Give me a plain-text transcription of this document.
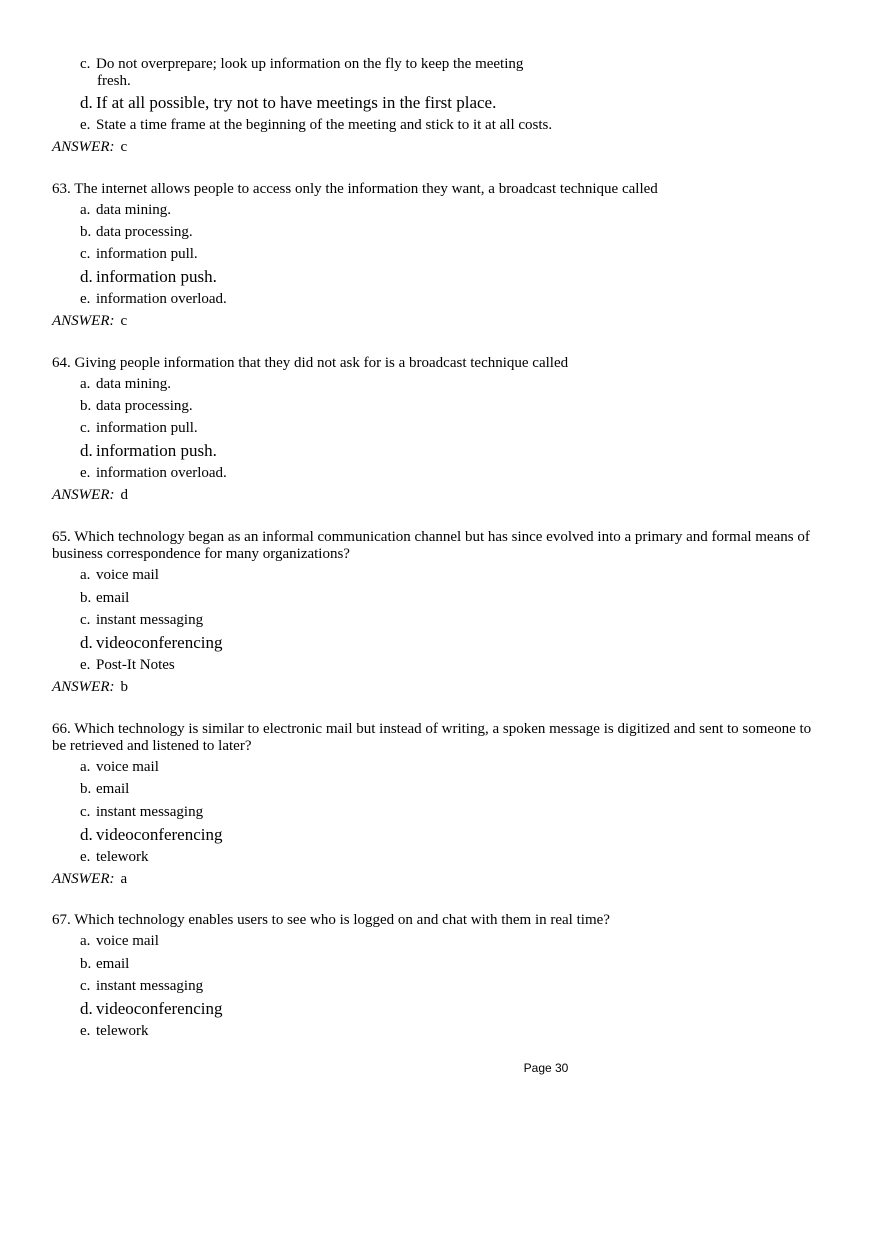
c. Do not overprepare; look up information on the fly to keep the meeting
fresh.
d. If at all possible, try not to have meetings in the first place.
e. State a time frame at the beginning of the meeting and stick to it at all costs.
ANSWER: c

63. The internet allows people to access only the information they want, a broadcast technique called

a. data mining.
b. data processing.
c. information pull.
d. information push.
e. information overload.
ANSWER: c

64. Giving people information that they did not ask for is a broadcast technique called

a. data mining.
b. data processing.
c. information pull.
d. information push.
e. information overload.
ANSWER: d

65. Which technology began as an informal communication channel but has since evolved into a primary and formal means of business correspondence for many organizations?

a. voice mail
b. email
c. instant messaging
d. videoconferencing
e. Post-It Notes
ANSWER: b

66. Which technology is similar to electronic mail but instead of writing, a spoken message is digitized and sent to someone to be retrieved and listened to later?

a. voice mail
b. email
c. instant messaging
d. videoconferencing
e. telework
ANSWER: a

67. Which technology enables users to see who is logged on and chat with them in real time?

a. voice mail
b. email
c. instant messaging
d. videoconferencing
e. telework
Page 30
